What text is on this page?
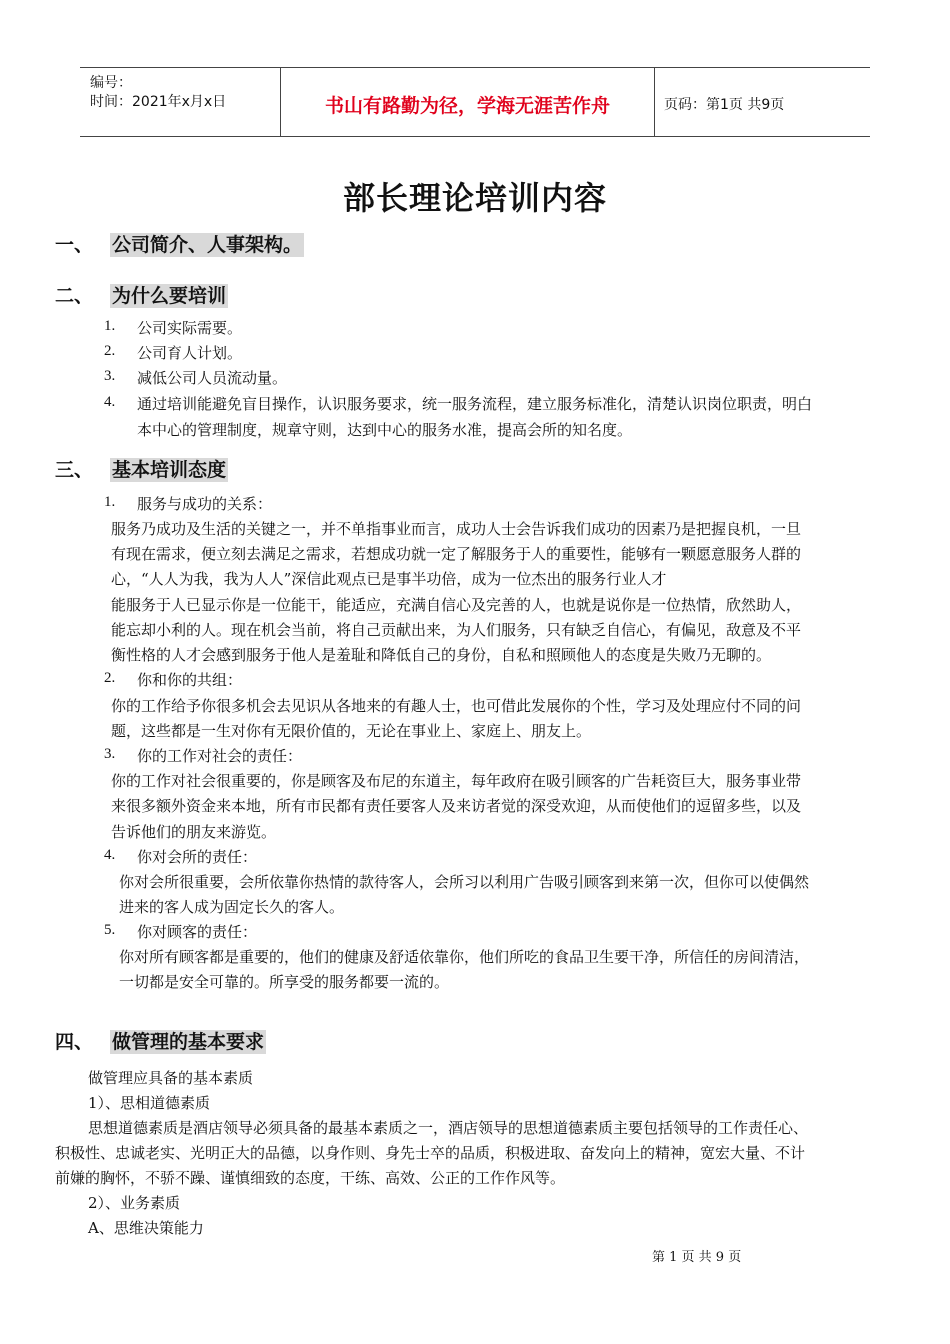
编号：
时间：2021年x月x日	书山有路勤为径，学海无涯苦作舟	页码：第1页 共9页
部长理论培训内容
一、 公司简介、人事架构。
二、 为什么要培训
1. 公司实际需要。
2. 公司育人计划。
3. 减低公司人员流动量。
4. 通过培训能避免盲目操作，认识服务要求，统一服务流程，建立服务标准化，清楚认识岗位职责，明白
本中心的管理制度，规章守则，达到中心的服务水准，提高会所的知名度。
三、 基本培训态度
1. 服务与成功的关系：
服务乃成功及生活的关键之一，并不单指事业而言，成功人士会告诉我们成功的因素乃是把握良机，一旦
有现在需求，便立刻去满足之需求，若想成功就一定了解服务于人的重要性，能够有一颗愿意服务人群的
心，“人人为我，我为人人”深信此观点已是事半功倍，成为一位杰出的服务行业人才
能服务于人已显示你是一位能干，能适应，充满自信心及完善的人，也就是说你是一位热情，欣然助人，
能忘却小利的人。现在机会当前，将自己贡献出来，为人们服务，只有缺乏自信心，有偏见，敌意及不平
衡性格的人才会感到服务于他人是羞耻和降低自己的身份，自私和照顾他人的态度是失败乃无聊的。
2. 你和你的共组：
你的工作给予你很多机会去见识从各地来的有趣人士，也可借此发展你的个性，学习及处理应付不同的问
题，这些都是一生对你有无限价值的，无论在事业上、家庭上、朋友上。
3. 你的工作对社会的责任：
你的工作对社会很重要的，你是顾客及布尼的东道主，每年政府在吸引顾客的广告耗资巨大，服务事业带
来很多额外资金来本地，所有市民都有责任要客人及来访者觉的深受欢迎，从而使他们的逗留多些，以及
告诉他们的朋友来游览。
4. 你对会所的责任：
你对会所很重要，会所依靠你热情的款待客人，会所习以利用广告吸引顾客到来第一次，但你可以使偶然
进来的客人成为固定长久的客人。
5. 你对顾客的责任：
你对所有顾客都是重要的，他们的健康及舒适依靠你，他们所吃的食品卫生要干净，所信任的房间清洁，
一切都是安全可靠的。所享受的服务都要一流的。
四、 做管理的基本要求
做管理应具备的基本素质
1）、思相道德素质
思想道德素质是酒店领导必须具备的最基本素质之一，酒店领导的思想道德素质主要包括领导的工作责任心、
积极性、忠诚老实、光明正大的品德，以身作则、身先士卒的品质，积极进取、奋发向上的精神，宽宏大量、不计
前嫌的胸怀，不骄不躁、谨慎细致的态度，干练、高效、公正的工作作风等。
2）、业务素质
A、思维决策能力
第 1 页 共 9 页
